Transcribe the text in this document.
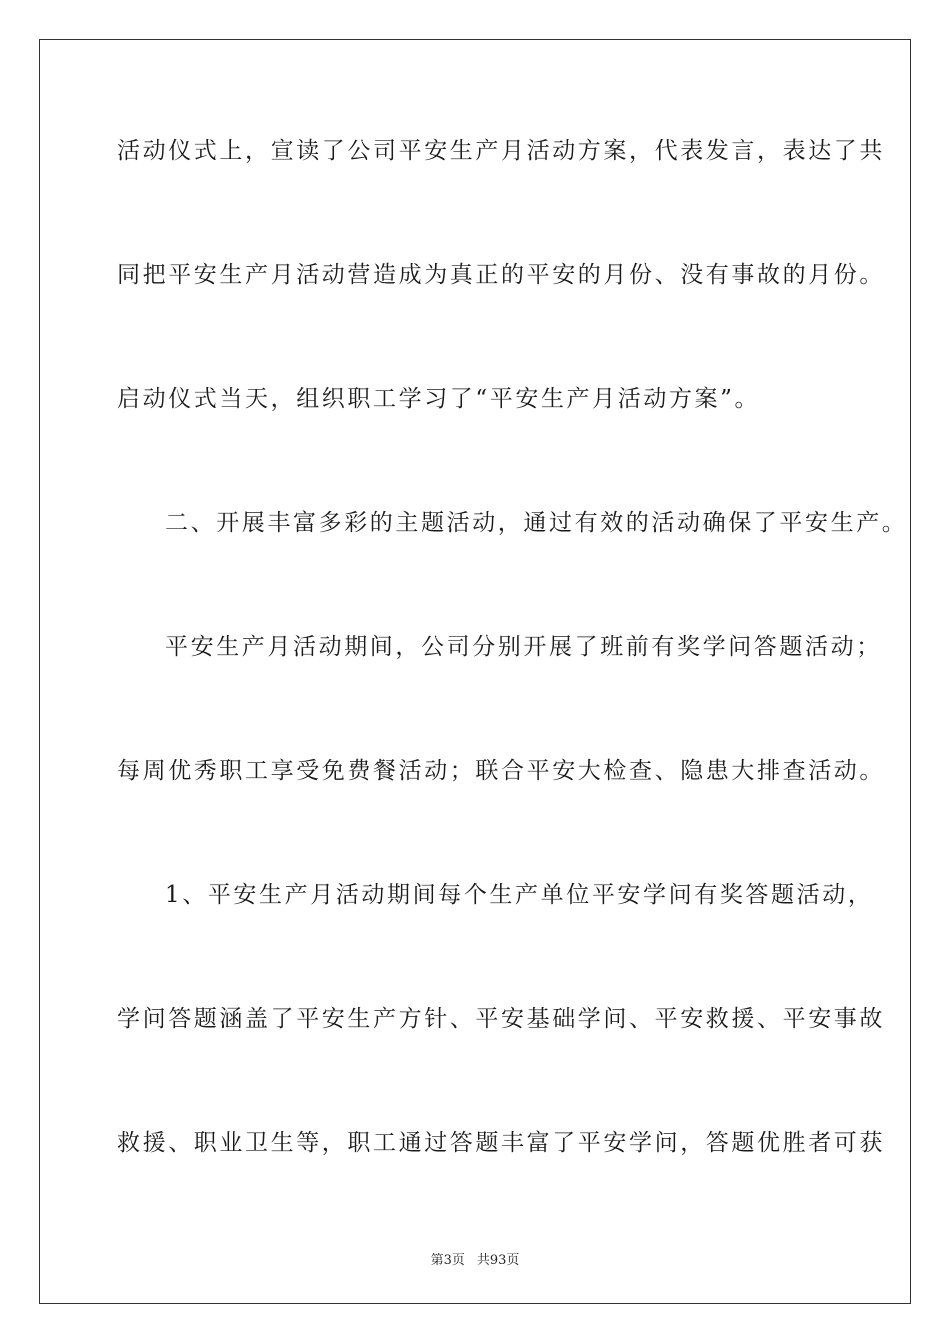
活动仪式上，宣读了公司平安生产月活动方案，代表发言，表达了共
同把平安生产月活动营造成为真正的平安的月份、没有事故的月份。
启动仪式当天，组织职工学习了“平安生产月活动方案”。
二、开展丰富多彩的主题活动，通过有效的活动确保了平安生产。
平安生产月活动期间，公司分别开展了班前有奖学问答题活动；
每周优秀职工享受免费餐活动；联合平安大检查、隐患大排查活动。
1、平安生产月活动期间每个生产单位平安学问有奖答题活动，
学问答题涵盖了平安生产方针、平安基础学问、平安救援、平安事故
救援、职业卫生等，职工通过答题丰富了平安学问，答题优胜者可获
第3页 共93页
